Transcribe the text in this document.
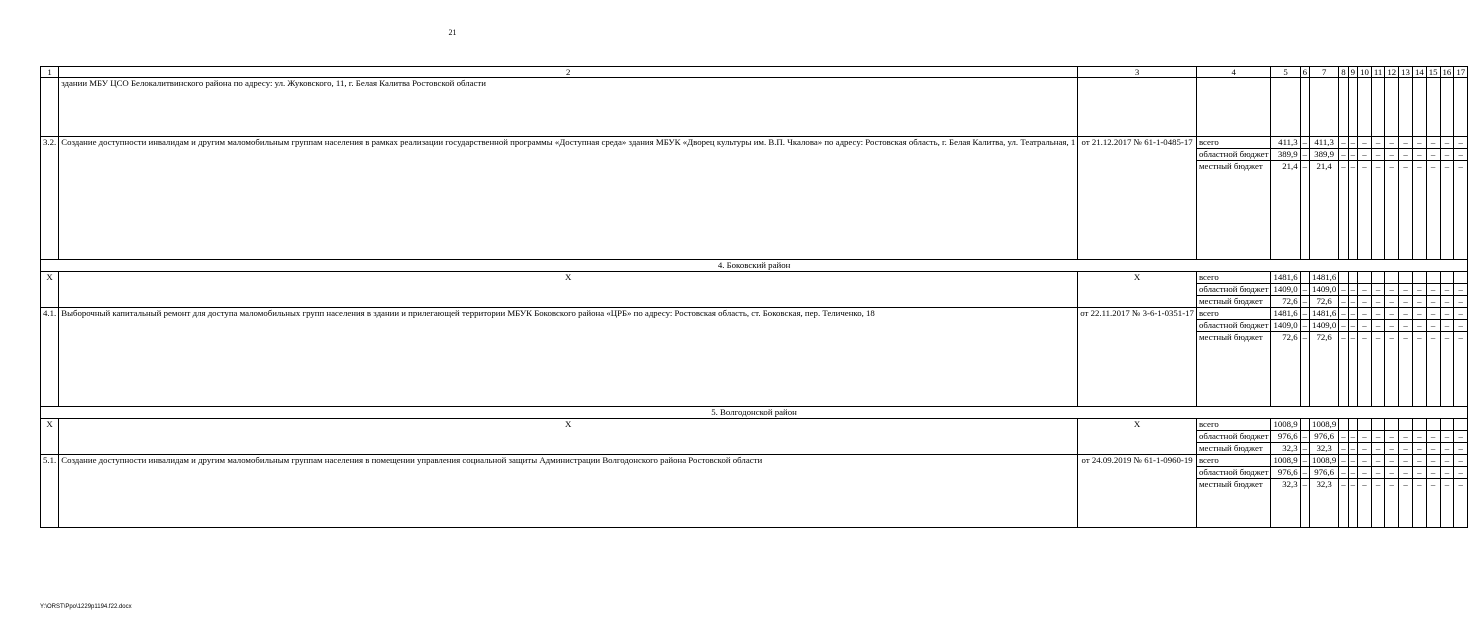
21
1	2	3	4	5	6	7	8	9	10	11	12	13	14	15	16	17
	здании МБУ ЦСО Белокалитвинского района по адресу: ул. Жуковского, 11, г. Белая Калитва Ростовской области															
3.2.	Создание доступности инвалидам и другим маломобильным группам населения в рамках реализации государственной программы «Доступная среда» здания МБУК «Дворец культуры им. В.П. Чкалова» по адресу: Ростовская область, г. Белая Калитва, ул. Театральная, 1	от 21.12.2017 № 61-1-0485-17	всего	411,3	–	411,3	–	–	–	–	–	–	–	–	–	–
			областной бюджет	389,9	–	389,9	–	–	–	–	–	–	–	–	–	–
			местный бюджет	21,4	–	21,4	–	–	–	–	–	–	–	–	–	–
4. Боковский район																
Х	Х	Х	всего	1481,6		1481,6										
			областной бюджет	1409,0	–	1409,0	–	–	–	–	–	–	–	–	–	–
			местный бюджет	72,6	–	72,6	–	–	–	–	–	–	–	–	–	–
4.1.	Выборочный капитальный ремонт для доступа маломобильных групп населения в здании и прилегающей территории МБУК Боковского района «ЦРБ» по адресу: Ростовская область, ст. Боковская, пер. Теличенко, 18	от 22.11.2017 № 3-6-1-0351-17	всего	1481,6	–	1481,6	–	–	–	–	–	–	–	–	–	–
			областной бюджет	1409,0	–	1409,0	–	–	–	–	–	–	–	–	–	–
			местный бюджет	72,6	–	72,6	–	–	–	–	–	–	–	–	–	–
5. Волгодонской район																
Х	Х	Х	всего	1008,9		1008,9										
			областной бюджет	976,6	–	976,6	–	–	–	–	–	–	–	–	–	–
			местный бюджет	32,3	–	32,3	–	–	–	–	–	–	–	–	–	–
5.1.	Создание доступности инвалидам и другим маломобильным группам населения в помещении управления социальной защиты Администрации Волгодонского района Ростовской области	от 24.09.2019 № 61-1-0960-19	всего	1008,9	–	1008,9	–	–	–	–	–	–	–	–	–	–
			областной бюджет	976,6	–	976,6	–	–	–	–	–	–	–	–	–	–
			местный бюджет	32,3	–	32,3	–	–	–	–	–	–	–	–	–	–
Y:\ORST\Ppo\1229p1194.f22.docx
